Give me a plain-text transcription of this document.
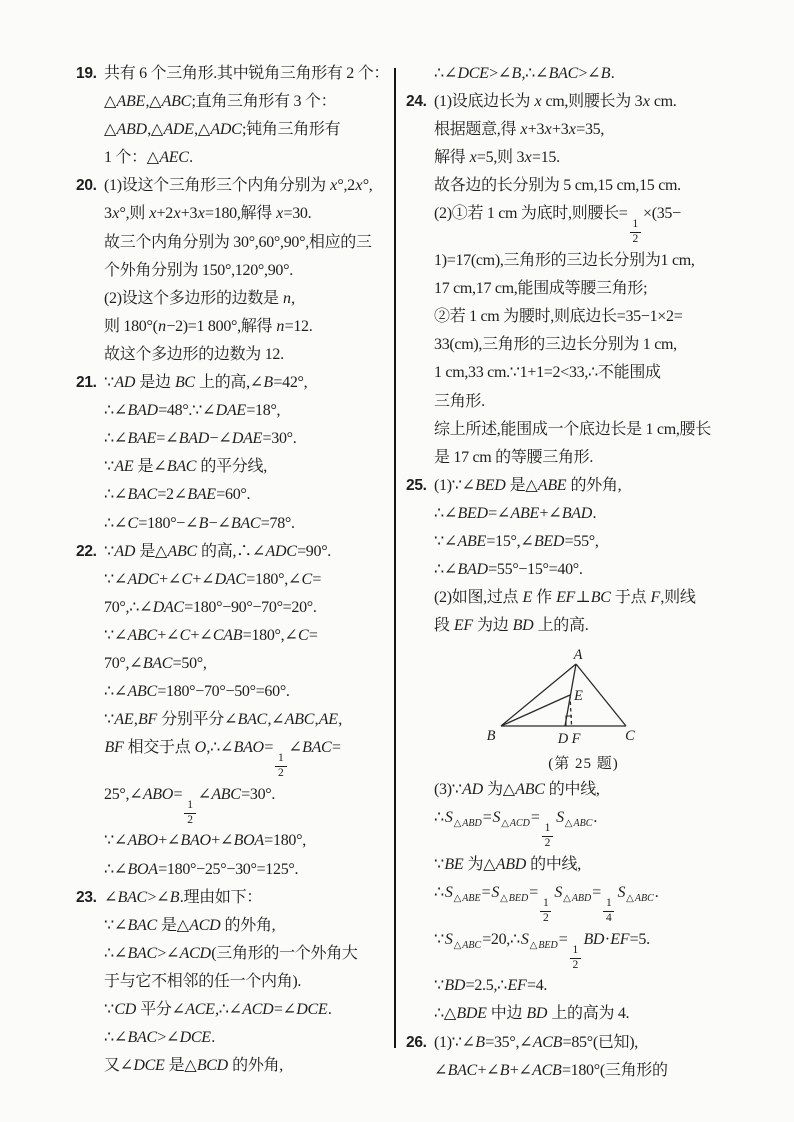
19. 共有 6 个三角形.其中锐角三角形有 2 个：
△ABE,△ABC;直角三角形有 3 个：
△ABD,△ADE,△ADC;钝角三角形有
1 个：△AEC.
20. (1)设这个三角形三个内角分别为 x°,2x°,
3x°,则 x+2x+3x=180,解得 x=30.
故三个内角分别为 30°,60°,90°,相应的三
个外角分别为 150°,120°,90°.
(2)设这个多边形的边数是 n,
则 180°(n−2)=1 800°,解得 n=12.
故这个多边形的边数为 12.
21. ∵AD 是边 BC 上的高,∠B=42°,
∴∠BAD=48°.∵∠DAE=18°,
∴∠BAE=∠BAD−∠DAE=30°.
∵AE 是∠BAC 的平分线,
∴∠BAC=2∠BAE=60°.
∴∠C=180°−∠B−∠BAC=78°.
22. ∵AD 是△ABC 的高,∴∠ADC=90°.
∵∠ADC+∠C+∠DAC=180°,∠C=
70°,∴∠DAC=180°−90°−70°=20°.
∵∠ABC+∠C+∠CAB=180°,∠C=
70°,∠BAC=50°,
∴∠ABC=180°−70°−50°=60°.
∵AE,BF 分别平分∠BAC,∠ABC,AE,
BF 相交于点 O,∴∠BAO=
$\frac{1}{2}$
∠BAC=
25°,∠ABO=
$\frac{1}{2}$
∠ABC=30°.
∵∠ABO+∠BAO+∠BOA=180°,
∴∠BOA=180°−25°−30°=125°.
23. ∠BAC>∠B.理由如下：
∵∠BAC 是△ACD 的外角,
∴∠BAC>∠ACD(三角形的一个外角大
于与它不相邻的任一个内角).
∵CD 平分∠ACE,∴∠ACD=∠DCE.
∴∠BAC>∠DCE.
又∠DCE 是△BCD 的外角,
∴∠DCE>∠B,∴∠BAC>∠B.
24. (1)设底边长为 x cm,则腰长为 3x cm.
根据题意,得 x+3x+3x=35,
解得 x=5,则 3x=15.
故各边的长分别为 5 cm,15 cm,15 cm.
(2)①若 1 cm 为底时,则腰长=
$\frac{1}{2}$
×(35−
1)=17(cm),三角形的三边长分别为1 cm,
17 cm,17 cm,能围成等腰三角形;
②若 1 cm 为腰时,则底边长=35−1×2=
33(cm),三角形的三边长分别为 1 cm,
1 cm,33 cm.∵1+1=2<33,∴不能围成
三角形.
综上所述,能围成一个底边长是 1 cm,腰长
是 17 cm 的等腰三角形.
25. (1)∵∠BED 是△ABE 的外角,
∴∠BED=∠ABE+∠BAD.
∵∠ABE=15°,∠BED=55°,
∴∠BAD=55°−15°=40°.
(2)如图,过点 E 作 EF⊥BC 于点 F,则线
段 EF 为边 BD 上的高.
A
B	C
D F
E
(第 25 题)
(3)∵AD 为△ABC 的中线,
$\therefore S_{\triangle ABD}=S_{\triangle ACD}=$
$\frac{1}{2}$
$S_{\triangle ABC}$.
∵BE 为△ABD 的中线,
$\therefore S_{\triangle ABE}=S_{\triangle BED}=$
$\frac{1}{2}$
$S_{\triangle ABD}=$
$\frac{1}{4}$
$S_{\triangle ABC}$.
$\because S_{\triangle ABC}=20,\therefore S_{\triangle BED}=$
$\frac{1}{2}$
BD·EF=5.
∵BD=2.5,∴EF=4.
∴△BDE 中边 BD 上的高为 4.
26. (1)∵∠B=35°,∠ACB=85°(已知),
∠BAC+∠B+∠ACB=180°(三角形的
